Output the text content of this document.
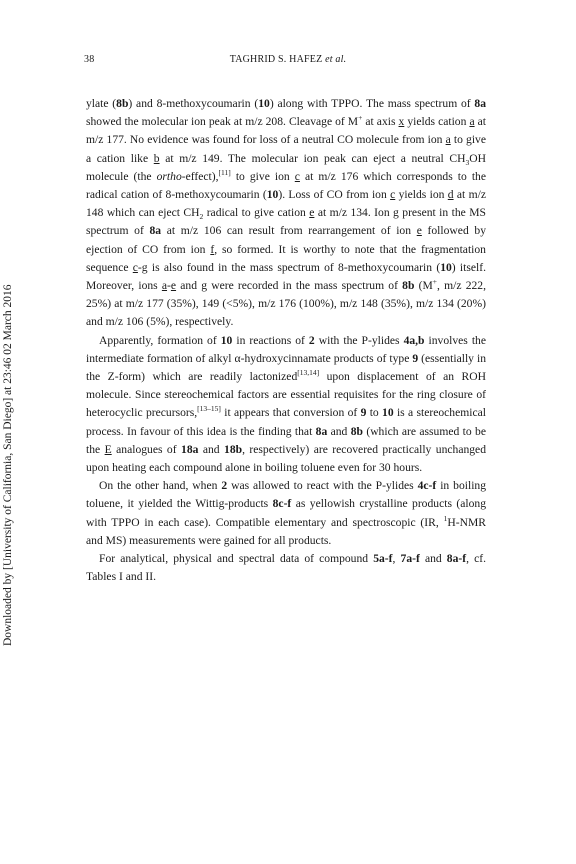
38	TAGHRID S. HAFEZ et al.
Downloaded by [University of California, San Diego] at 23:46 02 March 2016

ylate (8b) and 8-methoxycoumarin (10) along with TPPO. The mass spectrum of 8a showed the molecular ion peak at m/z 208. Cleavage of M+ at axis x yields cation a at m/z 177. No evidence was found for loss of a neutral CO molecule from ion a to give a cation like b at m/z 149. The molecular ion peak can eject a neutral $CH_3OH$ molecule (the ortho-effect),[11] to give ion c at m/z 176 which corresponds to the radical cation of 8-methoxycoumarin (10). Loss of CO from ion c yields ion d at m/z 148 which can eject $CH_2$ radical to give cation e at m/z 134. Ion g present in the MS spectrum of 8a at m/z 106 can result from rearrangement of ion e followed by ejection of CO from ion f, so formed. It is worthy to note that the fragmentation sequence c-g is also found in the mass spectrum of 8-methoxycoumarin (10) itself. Moreover, ions a-e and g were recorded in the mass spectrum of 8b (M+, m/z 222, 25%) at m/z 177 (35%), 149 (<5%), m/z 176 (100%), m/z 148 (35%), m/z 134 (20%) and m/z 106 (5%), respectively.

Apparently, formation of 10 in reactions of 2 with the P-ylides 4a,b involves the intermediate formation of alkyl α-hydroxycinnamate products of type 9 (essentially in the Z-form) which are readily lactonized[13,14] upon displacement of an ROH molecule. Since stereochemical factors are essential requisites for the ring closure of heterocyclic precursors,[13–15] it appears that conversion of 9 to 10 is a stereochemical process. In favour of this idea is the finding that 8a and 8b (which are assumed to be the E analogues of 18a and 18b, respectively) are recovered practically unchanged upon heating each compound alone in boiling toluene even for 30 hours.

On the other hand, when 2 was allowed to react with the P-ylides 4c-f in boiling toluene, it yielded the Wittig-products 8c-f as yellowish crystalline products (along with TPPO in each case). Compatible elementary and spectroscopic (IR, $^1$H-NMR and MS) measurements were gained for all products.

For analytical, physical and spectral data of compound 5a-f, 7a-f and 8a-f, cf. Tables I and II.
